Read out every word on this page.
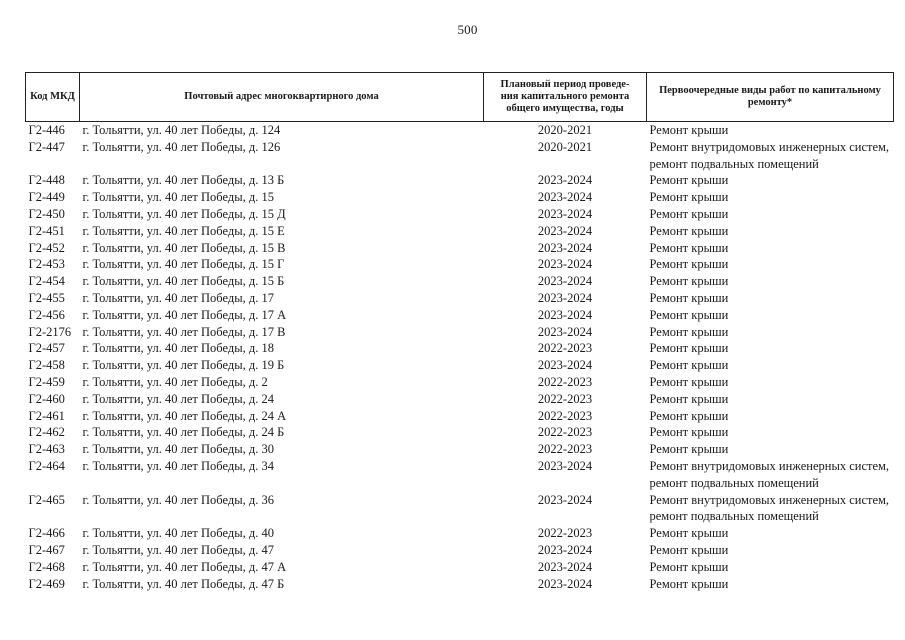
500
Код МКД	Почтовый адрес многоквартирного дома	Плановый период проведе-
ния капитального ремонта
общего имущества, годы	Первоочередные виды работ по капитальному
ремонту*

Г2-446	г. Тольятти, ул. 40 лет Победы, д. 124	2020-2021	Ремонт крыши

Г2-447	г. Тольятти, ул. 40 лет Победы, д. 126	2020-2021	Ремонт внутридомовых инженерных систем,
ремонт подвальных помещений

Г2-448	г. Тольятти, ул. 40 лет Победы, д. 13 Б	2023-2024	Ремонт крыши

Г2-449	г. Тольятти, ул. 40 лет Победы, д. 15	2023-2024	Ремонт крыши

Г2-450	г. Тольятти, ул. 40 лет Победы, д. 15 Д	2023-2024	Ремонт крыши

Г2-451	г. Тольятти, ул. 40 лет Победы, д. 15 Е	2023-2024	Ремонт крыши

Г2-452	г. Тольятти, ул. 40 лет Победы, д. 15 В	2023-2024	Ремонт крыши

Г2-453	г. Тольятти, ул. 40 лет Победы, д. 15 Г	2023-2024	Ремонт крыши

Г2-454	г. Тольятти, ул. 40 лет Победы, д. 15 Б	2023-2024	Ремонт крыши

Г2-455	г. Тольятти, ул. 40 лет Победы, д. 17	2023-2024	Ремонт крыши

Г2-456	г. Тольятти, ул. 40 лет Победы, д. 17 А	2023-2024	Ремонт крыши

Г2-2176	г. Тольятти, ул. 40 лет Победы, д. 17 В	2023-2024	Ремонт крыши

Г2-457	г. Тольятти, ул. 40 лет Победы, д. 18	2022-2023	Ремонт крыши

Г2-458	г. Тольятти, ул. 40 лет Победы, д. 19 Б	2023-2024	Ремонт крыши

Г2-459	г. Тольятти, ул. 40 лет Победы, д. 2	2022-2023	Ремонт крыши

Г2-460	г. Тольятти, ул. 40 лет Победы, д. 24	2022-2023	Ремонт крыши

Г2-461	г. Тольятти, ул. 40 лет Победы, д. 24 А	2022-2023	Ремонт крыши

Г2-462	г. Тольятти, ул. 40 лет Победы, д. 24 Б	2022-2023	Ремонт крыши

Г2-463	г. Тольятти, ул. 40 лет Победы, д. 30	2022-2023	Ремонт крыши

Г2-464	г. Тольятти, ул. 40 лет Победы, д. 34	2023-2024	Ремонт внутридомовых инженерных систем,
ремонт подвальных помещений

Г2-465	г. Тольятти, ул. 40 лет Победы, д. 36	2023-2024	Ремонт внутридомовых инженерных систем,
ремонт подвальных помещений

Г2-466	г. Тольятти, ул. 40 лет Победы, д. 40	2022-2023	Ремонт крыши

Г2-467	г. Тольятти, ул. 40 лет Победы, д. 47	2023-2024	Ремонт крыши

Г2-468	г. Тольятти, ул. 40 лет Победы, д. 47 А	2023-2024	Ремонт крыши

Г2-469	г. Тольятти, ул. 40 лет Победы, д. 47 Б	2023-2024	Ремонт крыши
